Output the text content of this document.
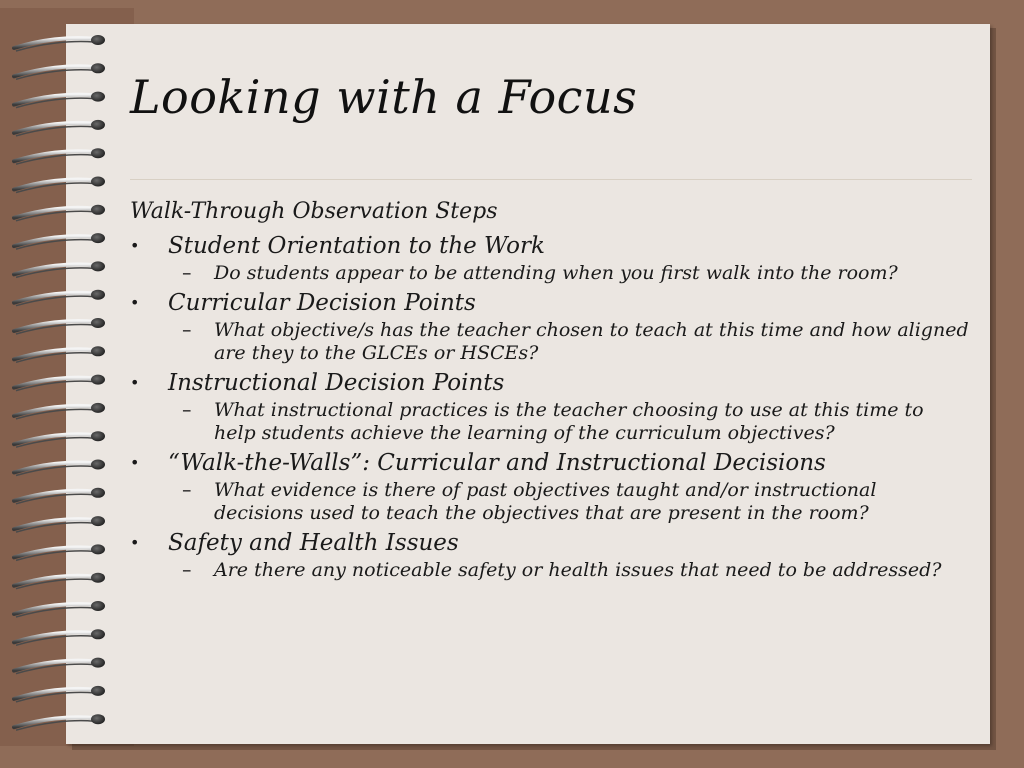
Looking with a Focus

Walk-Through Observation Steps

• Student Orientation to the Work
– Do students appear to be attending when you first walk into the room?
• Curricular Decision Points
– What objective/s has the teacher chosen to teach at this time and how aligned are they to the GLCEs or HSCEs?
• Instructional Decision Points
– What instructional practices is the teacher choosing to use at this time to help students achieve the learning of the curriculum objectives?
• “Walk-the-Walls”: Curricular and Instructional Decisions
– What evidence is there of past objectives taught and/or instructional decisions used to teach the objectives that are present in the room?
• Safety and Health Issues
– Are there any noticeable safety or health issues that need to be addressed?
